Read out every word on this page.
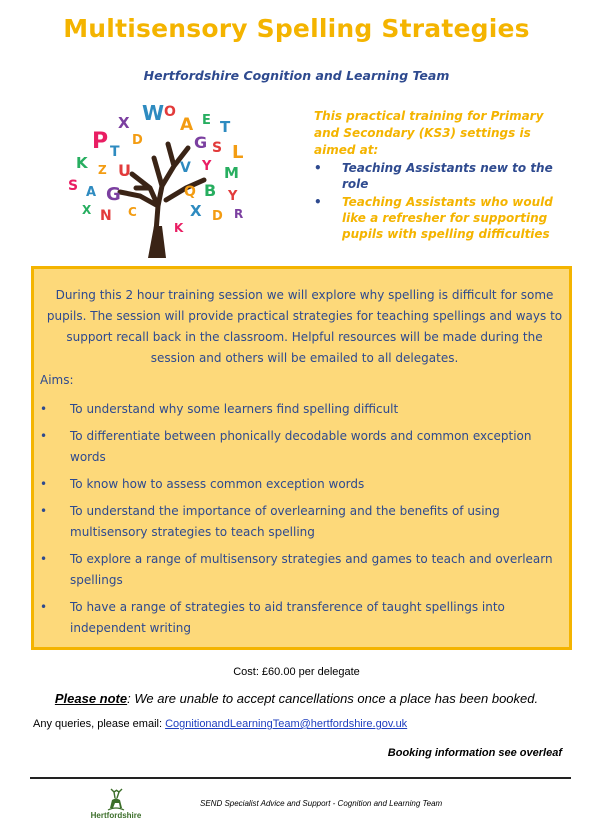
Multisensory Spelling Strategies
Hertfordshire Cognition and Learning Team
W O
X	A E T
P T
D	G S L
K Z U	V Y M
S A G	Q B Y
X N	X D R
C
K
This practical training for Primary and Secondary (KS3) settings is aimed at:
• Teaching Assistants new to the role
• Teaching Assistants who would like a refresher for supporting pupils with spelling difficulties
During this 2 hour training session we will explore why spelling is difficult for some pupils. The session will provide practical strategies for teaching spellings and ways to support recall back in the classroom. Helpful resources will be made during the session and others will be emailed to all delegates.
Aims:
• To understand why some learners find spelling difficult
• To differentiate between phonically decodable words and common exception words
• To know how to assess common exception words
• To understand the importance of overlearning and the benefits of using multisensory strategies to teach spelling
• To explore a range of multisensory strategies and games to teach and overlearn spellings
• To have a range of strategies to aid transference of taught spellings into independent writing
Cost: £60.00 per delegate
Please note: We are unable to accept cancellations once a place has been booked.
Any queries, please email: CognitionandLearningTeam@hertfordshire.gov.uk
Booking information see overleaf
Hertfordshire
SEND Specialist Advice and Support - Cognition and Learning Team
